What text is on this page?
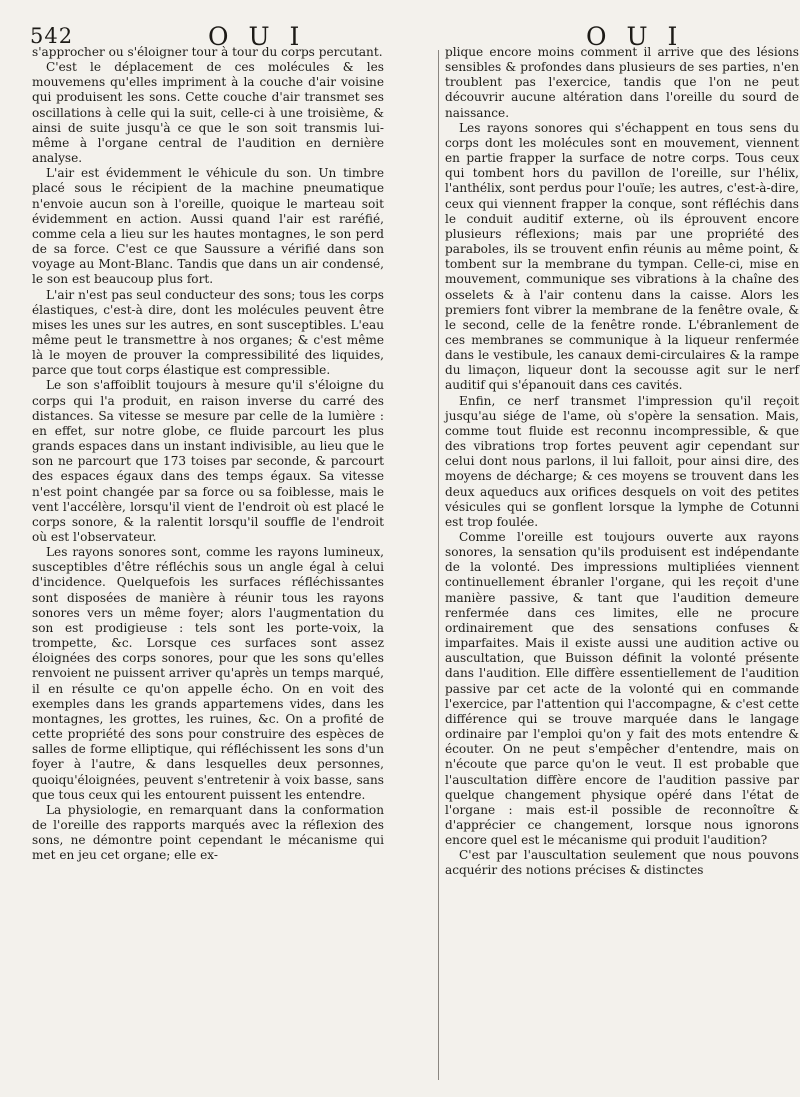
542	O U I	O U I

s'approcher ou s'éloigner tour à tour du corps percutant.

C'est le déplacement de ces molécules & les mouvemens qu'elles impriment à la couche d'air voisine qui produisent les sons. Cette couche d'air transmet ses oscillations à celle qui la suit, celle-ci à une troisième, & ainsi de suite jusqu'à ce que le son soit transmis lui-même à l'organe central de l'audition en dernière analyse.

L'air est évidemment le véhicule du son. Un timbre placé sous le récipient de la machine pneumatique n'envoie aucun son à l'oreille, quoique le marteau soit évidemment en action. Aussi quand l'air est raréfié, comme cela a lieu sur les hautes montagnes, le son perd de sa force. C'est ce que Saussure a vérifié dans son voyage au Mont-Blanc. Tandis que dans un air condensé, le son est beaucoup plus fort.

L'air n'est pas seul conducteur des sons; tous les corps élastiques, c'est-à dire, dont les molécules peuvent être mises les unes sur les autres, en sont susceptibles. L'eau même peut le transmettre à nos organes; & c'est même là le moyen de prouver la compressibilité des liquides, parce que tout corps élastique est compressible.

Le son s'affoiblit toujours à mesure qu'il s'éloigne du corps qui l'a produit, en raison inverse du carré des distances. Sa vitesse se mesure par celle de la lumière : en effet, sur notre globe, ce fluide parcourt les plus grands espaces dans un instant indivisible, au lieu que le son ne parcourt que 173 toises par seconde, & parcourt des espaces égaux dans des temps égaux. Sa vitesse n'est point changée par sa force ou sa foiblesse, mais le vent l'accélère, lorsqu'il vient de l'endroit où est placé le corps sonore, & la ralentit lorsqu'il souffle de l'endroit où est l'observateur.

Les rayons sonores sont, comme les rayons lumineux, susceptibles d'être réfléchis sous un angle égal à celui d'incidence. Quelquefois les surfaces réfléchissantes sont disposées de manière à réunir tous les rayons sonores vers un même foyer; alors l'augmentation du son est prodigieuse : tels sont les porte-voix, la trompette, &c. Lorsque ces surfaces sont assez éloignées des corps sonores, pour que les sons qu'elles renvoient ne puissent arriver qu'après un temps marqué, il en résulte ce qu'on appelle écho. On en voit des exemples dans les grands appartemens vides, dans les montagnes, les grottes, les ruines, &c. On a profité de cette propriété des sons pour construire des espèces de salles de forme elliptique, qui réfléchissent les sons d'un foyer à l'autre, & dans lesquelles deux personnes, quoiqu'éloignées, peuvent s'entretenir à voix basse, sans que tous ceux qui les entourent puissent les entendre.

La physiologie, en remarquant dans la conformation de l'oreille des rapports marqués avec la réflexion des sons, ne démontre point cependant le mécanisme qui met en jeu cet organe; elle ex-

plique encore moins comment il arrive que des lésions sensibles & profondes dans plusieurs de ses parties, n'en troublent pas l'exercice, tandis que l'on ne peut découvrir aucune altération dans l'oreille du sourd de naissance.

Les rayons sonores qui s'échappent en tous sens du corps dont les molécules sont en mouvement, viennent en partie frapper la surface de notre corps. Tous ceux qui tombent hors du pavillon de l'oreille, sur l'hélix, l'anthélix, sont perdus pour l'ouïe; les autres, c'est-à-dire, ceux qui viennent frapper la conque, sont réfléchis dans le conduit auditif externe, où ils éprouvent encore plusieurs réflexions; mais par une propriété des paraboles, ils se trouvent enfin réunis au même point, & tombent sur la membrane du tympan. Celle-ci, mise en mouvement, communique ses vibrations à la chaîne des osselets & à l'air contenu dans la caisse. Alors les premiers font vibrer la membrane de la fenêtre ovale, & le second, celle de la fenêtre ronde. L'ébranlement de ces membranes se communique à la liqueur renfermée dans le vestibule, les canaux demi-circulaires & la rampe du limaçon, liqueur dont la secousse agit sur le nerf auditif qui s'épanouit dans ces cavités.

Enfin, ce nerf transmet l'impression qu'il reçoit jusqu'au siége de l'ame, où s'opère la sensation. Mais, comme tout fluide est reconnu incompressible, & que des vibrations trop fortes peuvent agir cependant sur celui dont nous parlons, il lui falloit, pour ainsi dire, des moyens de décharge; & ces moyens se trouvent dans les deux aqueducs aux orifices desquels on voit des petites vésicules qui se gonflent lorsque la lymphe de Cotunni est trop foulée.

Comme l'oreille est toujours ouverte aux rayons sonores, la sensation qu'ils produisent est indépendante de la volonté. Des impressions multipliées viennent continuellement ébranler l'organe, qui les reçoit d'une manière passive, & tant que l'audition demeure renfermée dans ces limites, elle ne procure ordinairement que des sensations confuses & imparfaites. Mais il existe aussi une audition active ou auscultation, que Buisson définit la volonté présente dans l'audition. Elle diffère essentiellement de l'audition passive par cet acte de la volonté qui en commande l'exercice, par l'attention qui l'accompagne, & c'est cette différence qui se trouve marquée dans le langage ordinaire par l'emploi qu'on y fait des mots entendre & écouter. On ne peut s'empêcher d'entendre, mais on n'écoute que parce qu'on le veut. Il est probable que l'auscultation diffère encore de l'audition passive par quelque changement physique opéré dans l'état de l'organe : mais est-il possible de reconnoître & d'apprécier ce changement, lorsque nous ignorons encore quel est le mécanisme qui produit l'audition?

C'est par l'auscultation seulement que nous pouvons acquérir des notions précises & distinctes
